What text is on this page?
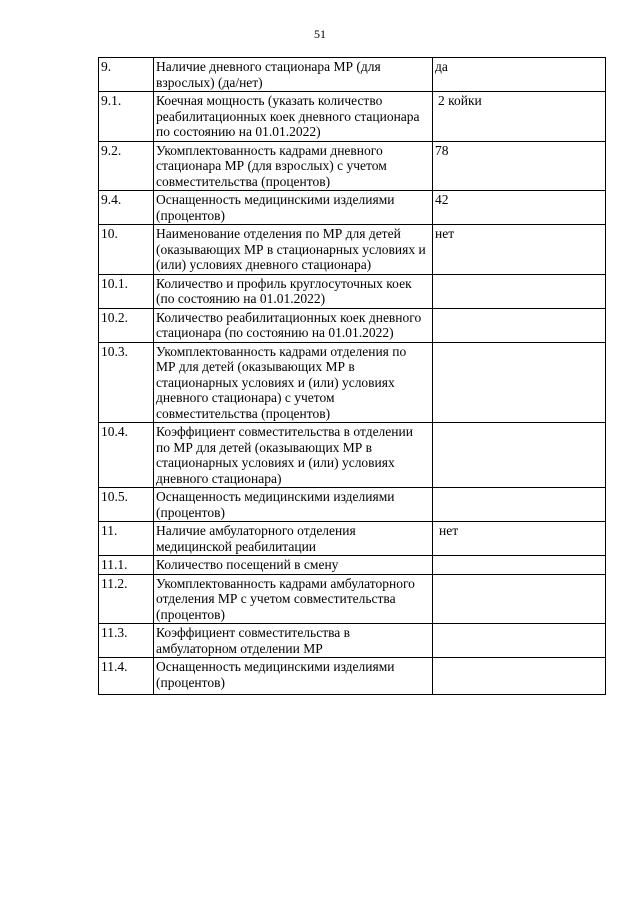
51
9.	Наличие дневного стационара МР (для взрослых) (да/нет)	да
9.1.	Коечная мощность (указать количество реабилитационных коек дневного стационара по состоянию на 01.01.2022)	2 койки
9.2.	Укомплектованность кадрами дневного стационара МР (для взрослых) с учетом совместительства (процентов)	78
9.4.	Оснащенность медицинскими изделиями (процентов)	42
10.	Наименование отделения по МР для детей (оказывающих МР в стационарных условиях и (или) условиях дневного стационара)	нет
10.1.	Количество и профиль круглосуточных коек (по состоянию на 01.01.2022)	
10.2.	Количество реабилитационных коек дневного стационара (по состоянию на 01.01.2022)	
10.3.	Укомплектованность кадрами отделения по МР для детей (оказывающих МР в стационарных условиях и (или) условиях дневного стационара) с учетом совместительства (процентов)	
10.4.	Коэффициент совместительства в отделении по МР для детей (оказывающих МР в стационарных условиях и (или) условиях дневного стационара)	
10.5.	Оснащенность медицинскими изделиями (процентов)	
11.	Наличие амбулаторного отделения медицинской реабилитации	нет
11.1.	Количество посещений в смену	
11.2.	Укомплектованность кадрами амбулаторного отделения МР с учетом совместительства (процентов)	
11.3.	Коэффициент совместительства в амбулаторном отделении МР	
11.4.	Оснащенность медицинскими изделиями (процентов)	
